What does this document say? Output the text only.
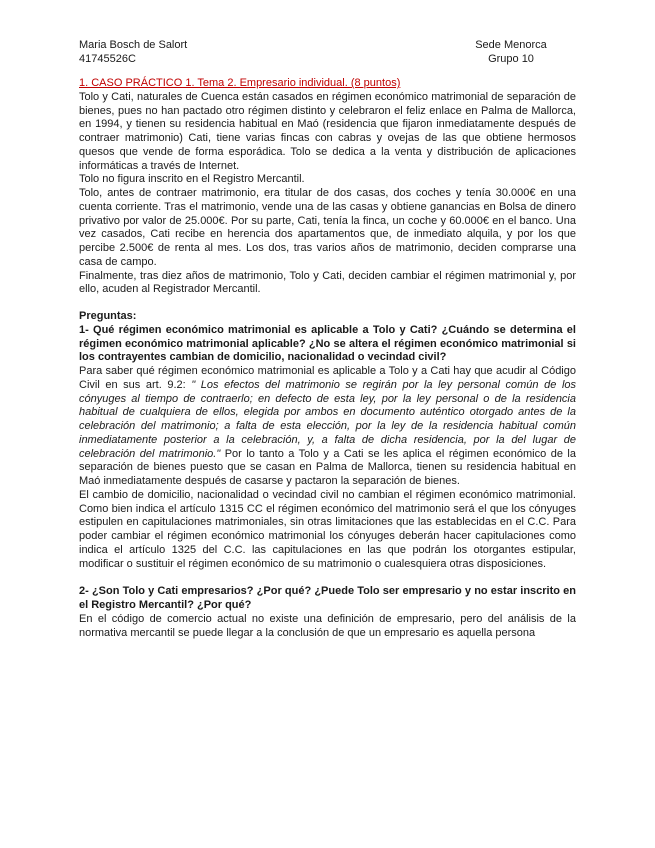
Maria Bosch de Salort
41745526C
Sede Menorca
Grupo 10

1. CASO PRÁCTICO 1. Tema 2. Empresario individual. (8 puntos)

Tolo y Cati, naturales de Cuenca están casados en régimen económico matrimonial de separación de bienes, pues no han pactado otro régimen distinto y celebraron el feliz enlace en Palma de Mallorca, en 1994, y tienen su residencia habitual en Maó (residencia que fijaron inmediatamente después de contraer matrimonio) Cati, tiene varias fincas con cabras y ovejas de las que obtiene hermosos quesos que vende de forma esporádica. Tolo se dedica a la venta y distribución de aplicaciones informáticas a través de Internet.

Tolo no figura inscrito en el Registro Mercantil.

Tolo, antes de contraer matrimonio, era titular de dos casas, dos coches y tenía 30.000€ en una cuenta corriente. Tras el matrimonio, vende una de las casas y obtiene ganancias en Bolsa de dinero privativo por valor de 25.000€. Por su parte, Cati, tenía la finca, un coche y 60.000€ en el banco. Una vez casados, Cati recibe en herencia dos apartamentos que, de inmediato alquila, y por los que percibe 2.500€ de renta al mes. Los dos, tras varios años de matrimonio, deciden comprarse una casa de campo.

Finalmente, tras diez años de matrimonio, Tolo y Cati, deciden cambiar el régimen matrimonial y, por ello, acuden al Registrador Mercantil.

Preguntas:

1- Qué régimen económico matrimonial es aplicable a Tolo y Cati? ¿Cuándo se determina el régimen económico matrimonial aplicable? ¿No se altera el régimen económico matrimonial si los contrayentes cambian de domicilio, nacionalidad o vecindad civil?

Para saber qué régimen económico matrimonial es aplicable a Tolo y a Cati hay que acudir al Código Civil en sus art. 9.2: " Los efectos del matrimonio se regirán por la ley personal común de los cónyuges al tiempo de contraerlo; en defecto de esta ley, por la ley personal o de la residencia habitual de cualquiera de ellos, elegida por ambos en documento auténtico otorgado antes de la celebración del matrimonio; a falta de esta elección, por la ley de la residencia habitual común inmediatamente posterior a la celebración, y, a falta de dicha residencia, por la del lugar de celebración del matrimonio." Por lo tanto a Tolo y a Cati se les aplica el régimen económico de la separación de bienes puesto que se casan en Palma de Mallorca, tienen su residencia habitual en Maó inmediatamente después de casarse y pactaron la separación de bienes.

El cambio de domicilio, nacionalidad o vecindad civil no cambian el régimen económico matrimonial. Como bien indica el artículo 1315 CC el régimen económico del matrimonio será el que los cónyuges estipulen en capitulaciones matrimoniales, sin otras limitaciones que las establecidas en el C.C. Para poder cambiar el régimen económico matrimonial los cónyuges deberán hacer capitulaciones como indica el artículo 1325 del C.C. las capitulaciones en las que podrán los otorgantes estipular, modificar o sustituir el régimen económico de su matrimonio o cualesquiera otras disposiciones.

2- ¿Son Tolo y Cati empresarios? ¿Por qué? ¿Puede Tolo ser empresario y no estar inscrito en el Registro Mercantil? ¿Por qué?

En el código de comercio actual no existe una definición de empresario, pero del análisis de la normativa mercantil se puede llegar a la conclusión de que un empresario es aquella persona
